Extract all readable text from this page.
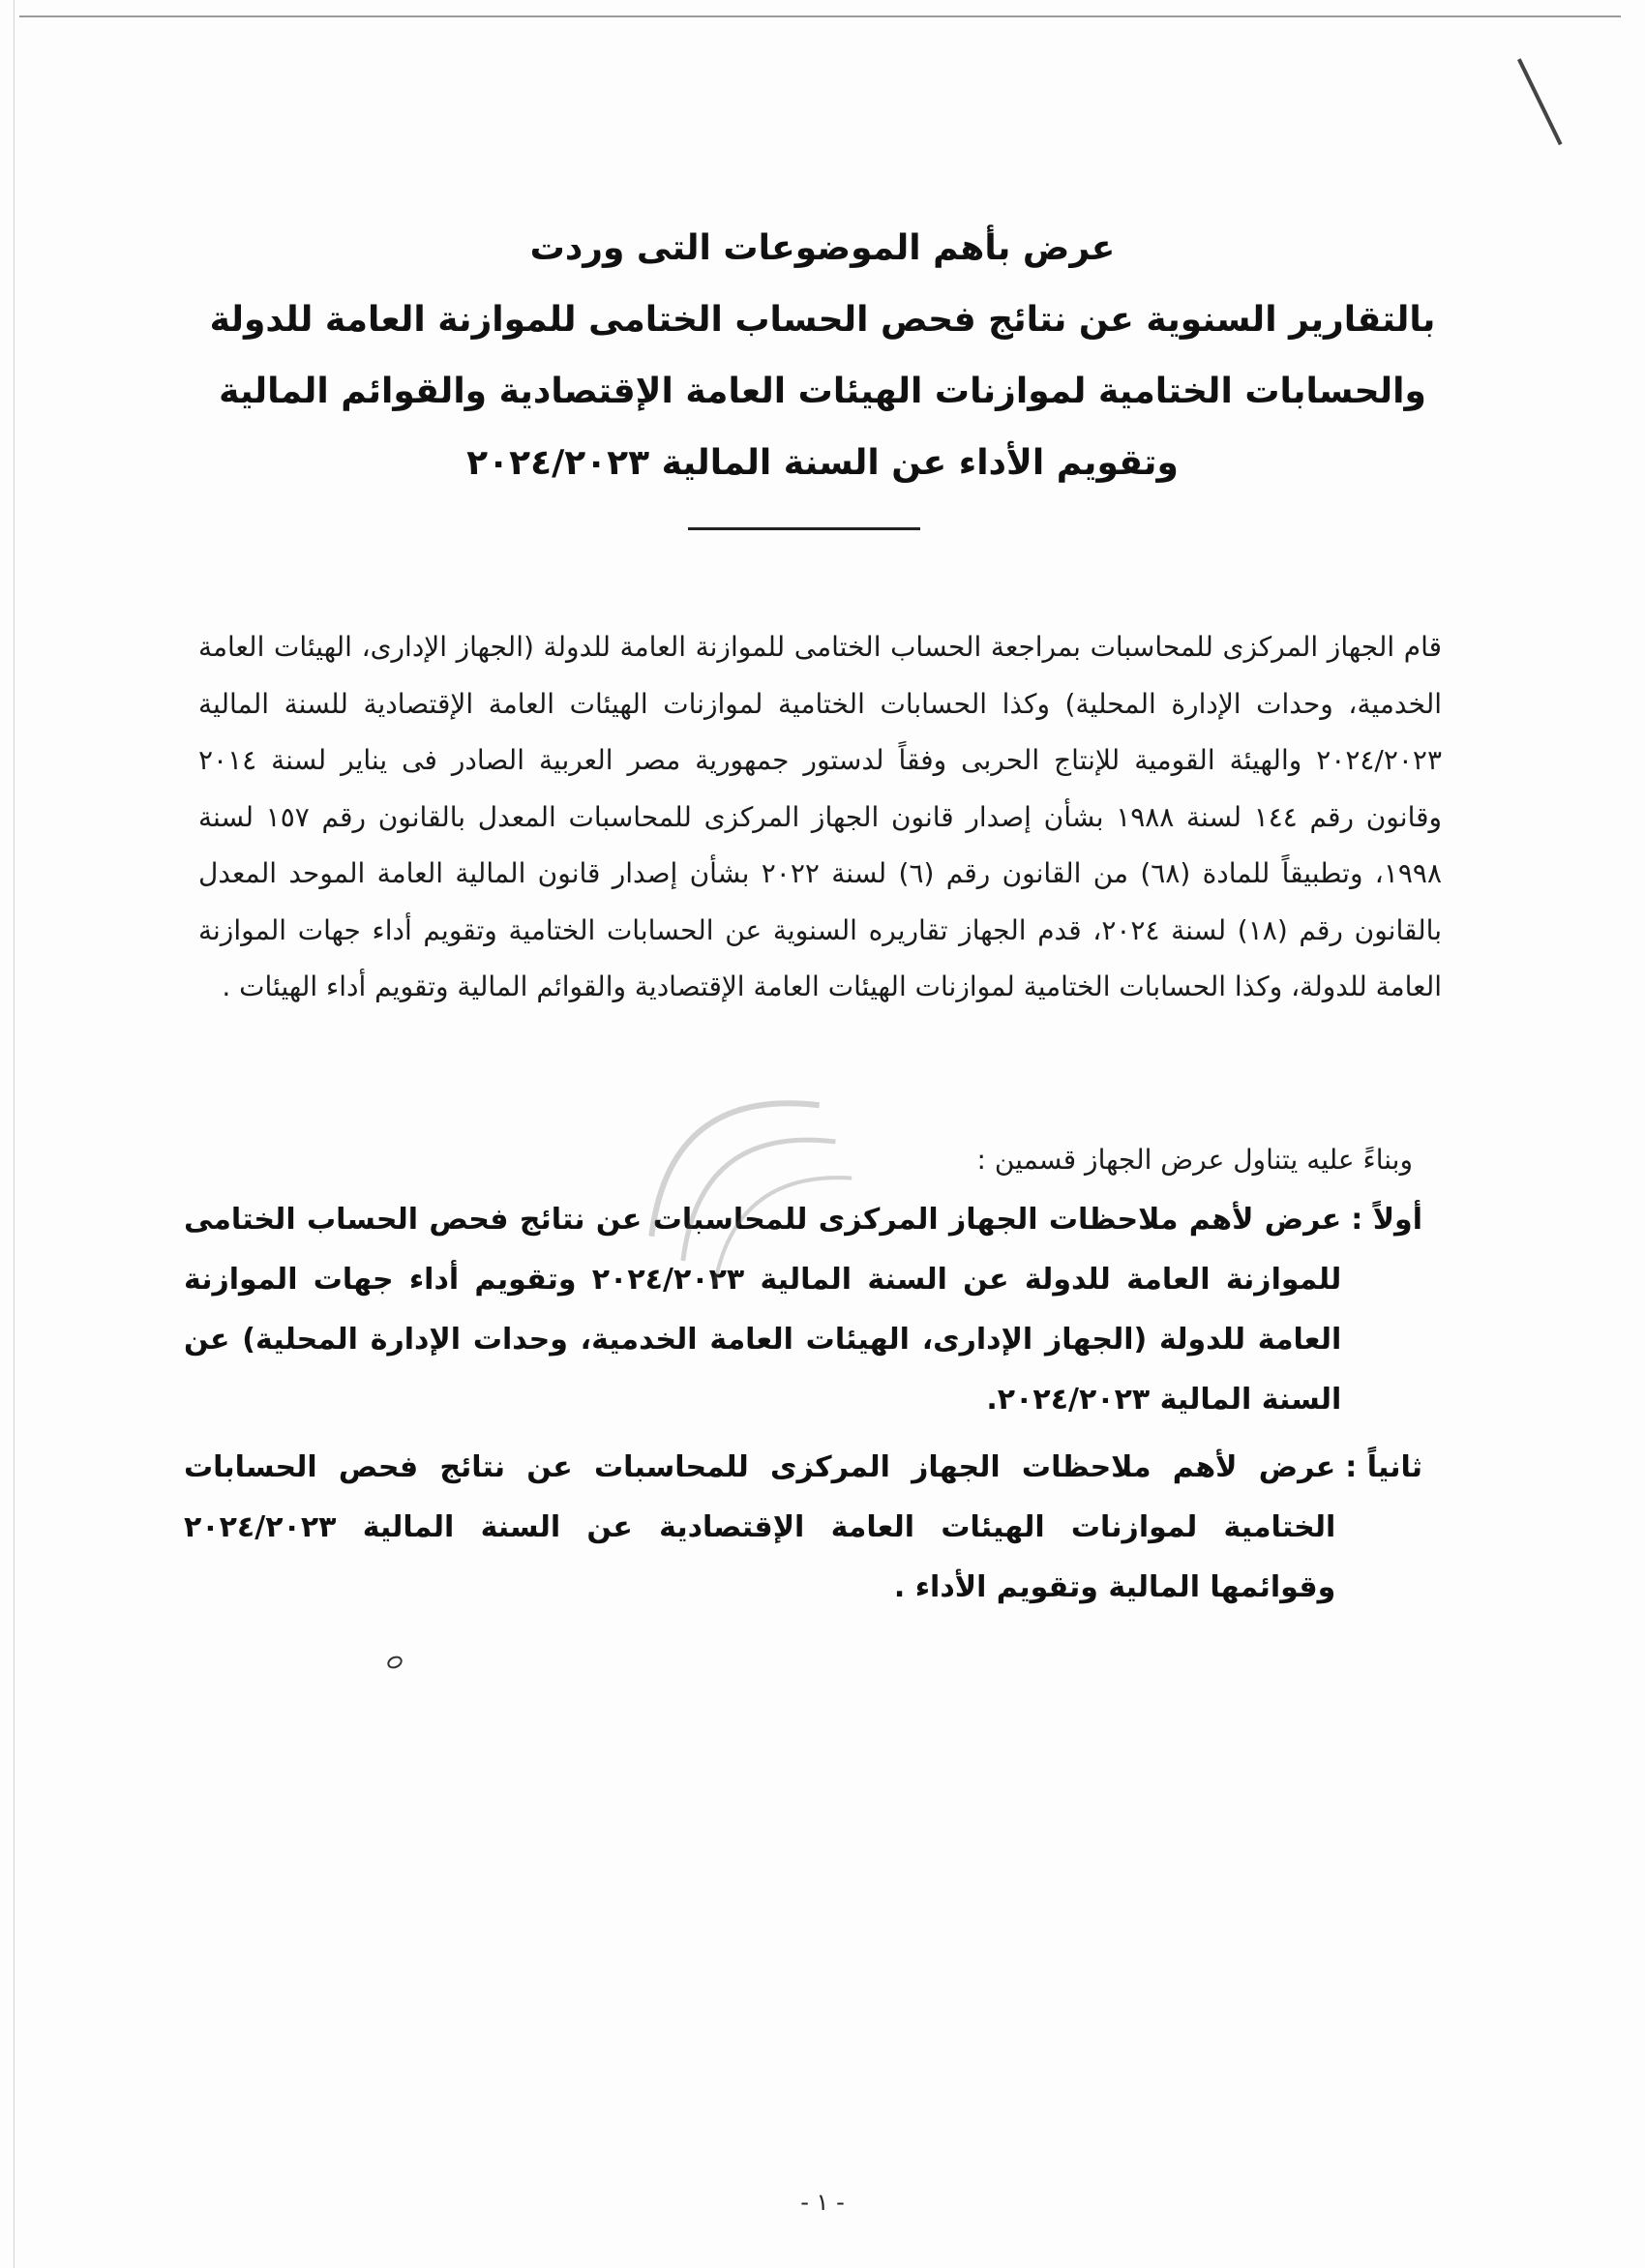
عرض بأهم الموضوعات التى وردت
بالتقارير السنوية عن نتائج فحص الحساب الختامى للموازنة العامة للدولة
والحسابات الختامية لموازنات الهيئات العامة الإقتصادية والقوائم المالية
وتقويم الأداء عن السنة المالية ٢٠٢٤/٢٠٢٣
قام الجهاز المركزى للمحاسبات بمراجعة الحساب الختامى للموازنة العامة للدولة (الجهاز الإدارى، الهيئات العامة الخدمية، وحدات الإدارة المحلية) وكذا الحسابات الختامية لموازنات الهيئات العامة الإقتصادية للسنة المالية ٢٠٢٤/٢٠٢٣ والهيئة القومية للإنتاج الحربى وفقاً لدستور جمهورية مصر العربية الصادر فى يناير لسنة ٢٠١٤ وقانون رقم ١٤٤ لسنة ١٩٨٨ بشأن إصدار قانون الجهاز المركزى للمحاسبات المعدل بالقانون رقم ١٥٧ لسنة ١٩٩٨، وتطبيقاً للمادة (٦٨) من القانون رقم (٦) لسنة ٢٠٢٢ بشأن إصدار قانون المالية العامة الموحد المعدل بالقانون رقم (١٨) لسنة ٢٠٢٤، قدم الجهاز تقاريره السنوية عن الحسابات الختامية وتقويم أداء جهات الموازنة العامة للدولة، وكذا الحسابات الختامية لموازنات الهيئات العامة الإقتصادية والقوائم المالية وتقويم أداء الهيئات .
وبناءً عليه يتناول عرض الجهاز قسمين :
أولاً :
عرض لأهم ملاحظات الجهاز المركزى للمحاسبات عن نتائج فحص الحساب الختامى للموازنة العامة للدولة عن السنة المالية ٢٠٢٤/٢٠٢٣ وتقويم أداء جهات الموازنة العامة للدولة (الجهاز الإدارى، الهيئات العامة الخدمية، وحدات الإدارة المحلية) عن السنة المالية ٢٠٢٤/٢٠٢٣.
ثانياً :
عرض لأهم ملاحظات الجهاز المركزى للمحاسبات عن نتائج فحص الحسابات الختامية لموازنات الهيئات العامة الإقتصادية عن السنة المالية ٢٠٢٤/٢٠٢٣ وقوائمها المالية وتقويم الأداء .
- ١ -
